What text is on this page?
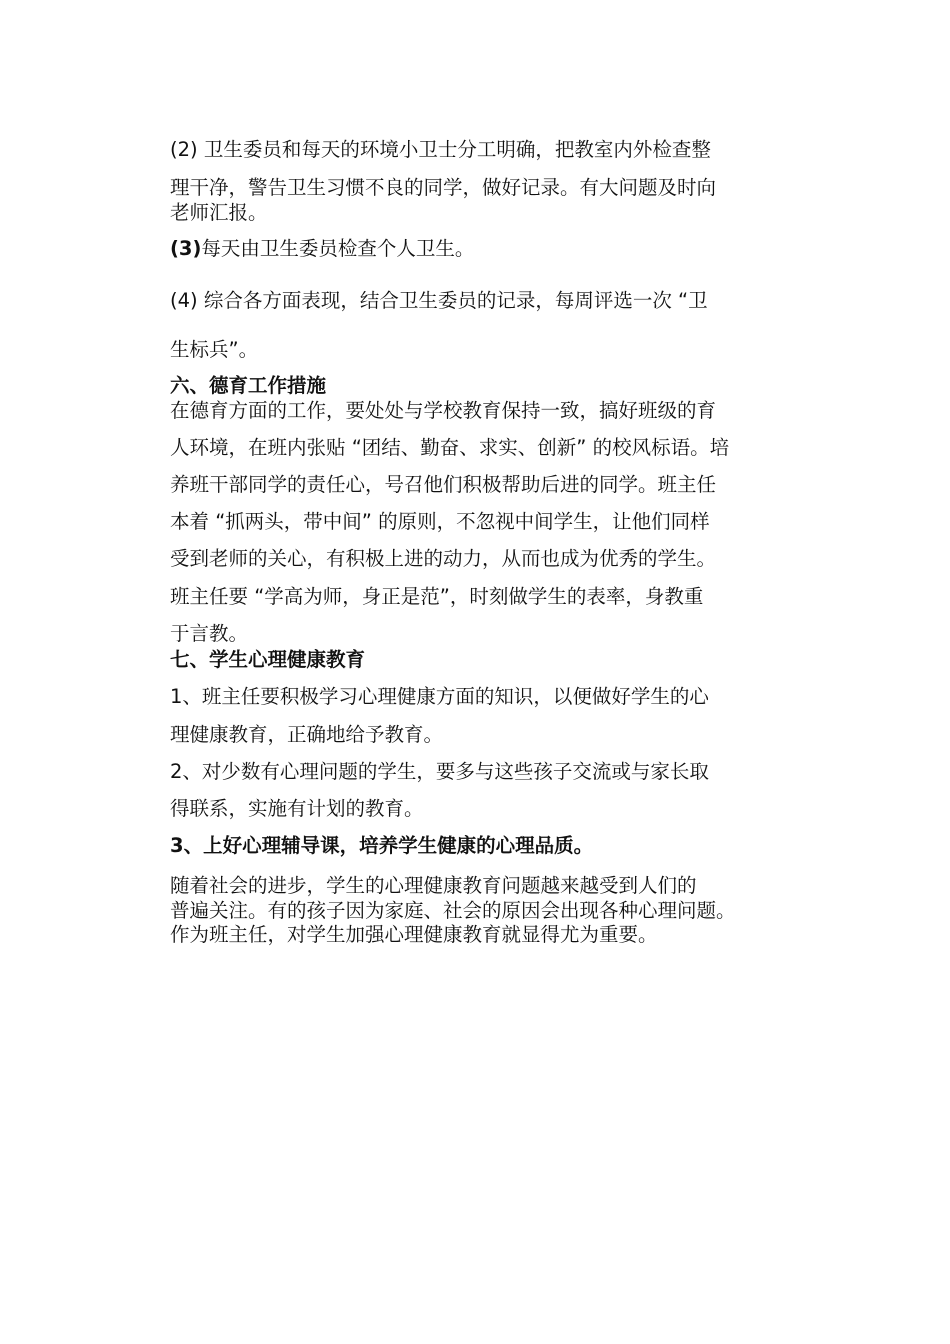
(2) 卫生委员和每天的环境小卫士分工明确，把教室内外检查整

理干净，警告卫生习惯不良的同学，做好记录。有大问题及时向

老师汇报。

(3)每天由卫生委员检查个人卫生。

(4) 综合各方面表现，结合卫生委员的记录，每周评选一次 “卫

生标兵”。

六、德育工作措施

在德育方面的工作，要处处与学校教育保持一致，搞好班级的育

人环境，在班内张贴 “团结、勤奋、求实、创新” 的校风标语。培

养班干部同学的责任心，号召他们积极帮助后进的同学。班主任

本着 “抓两头，带中间” 的原则，不忽视中间学生，让他们同样

受到老师的关心，有积极上进的动力，从而也成为优秀的学生。

班主任要 “学高为师，身正是范”，时刻做学生的表率，身教重

于言教。

七、学生心理健康教育

1、班主任要积极学习心理健康方面的知识，以便做好学生的心

理健康教育，正确地给予教育。

2、对少数有心理问题的学生，要多与这些孩子交流或与家长取

得联系，实施有计划的教育。

3、上好心理辅导课，培养学生健康的心理品质。

随着社会的进步，学生的心理健康教育问题越来越受到人们的

普遍关注。有的孩子因为家庭、社会的原因会出现各种心理问题。

作为班主任，对学生加强心理健康教育就显得尤为重要。
